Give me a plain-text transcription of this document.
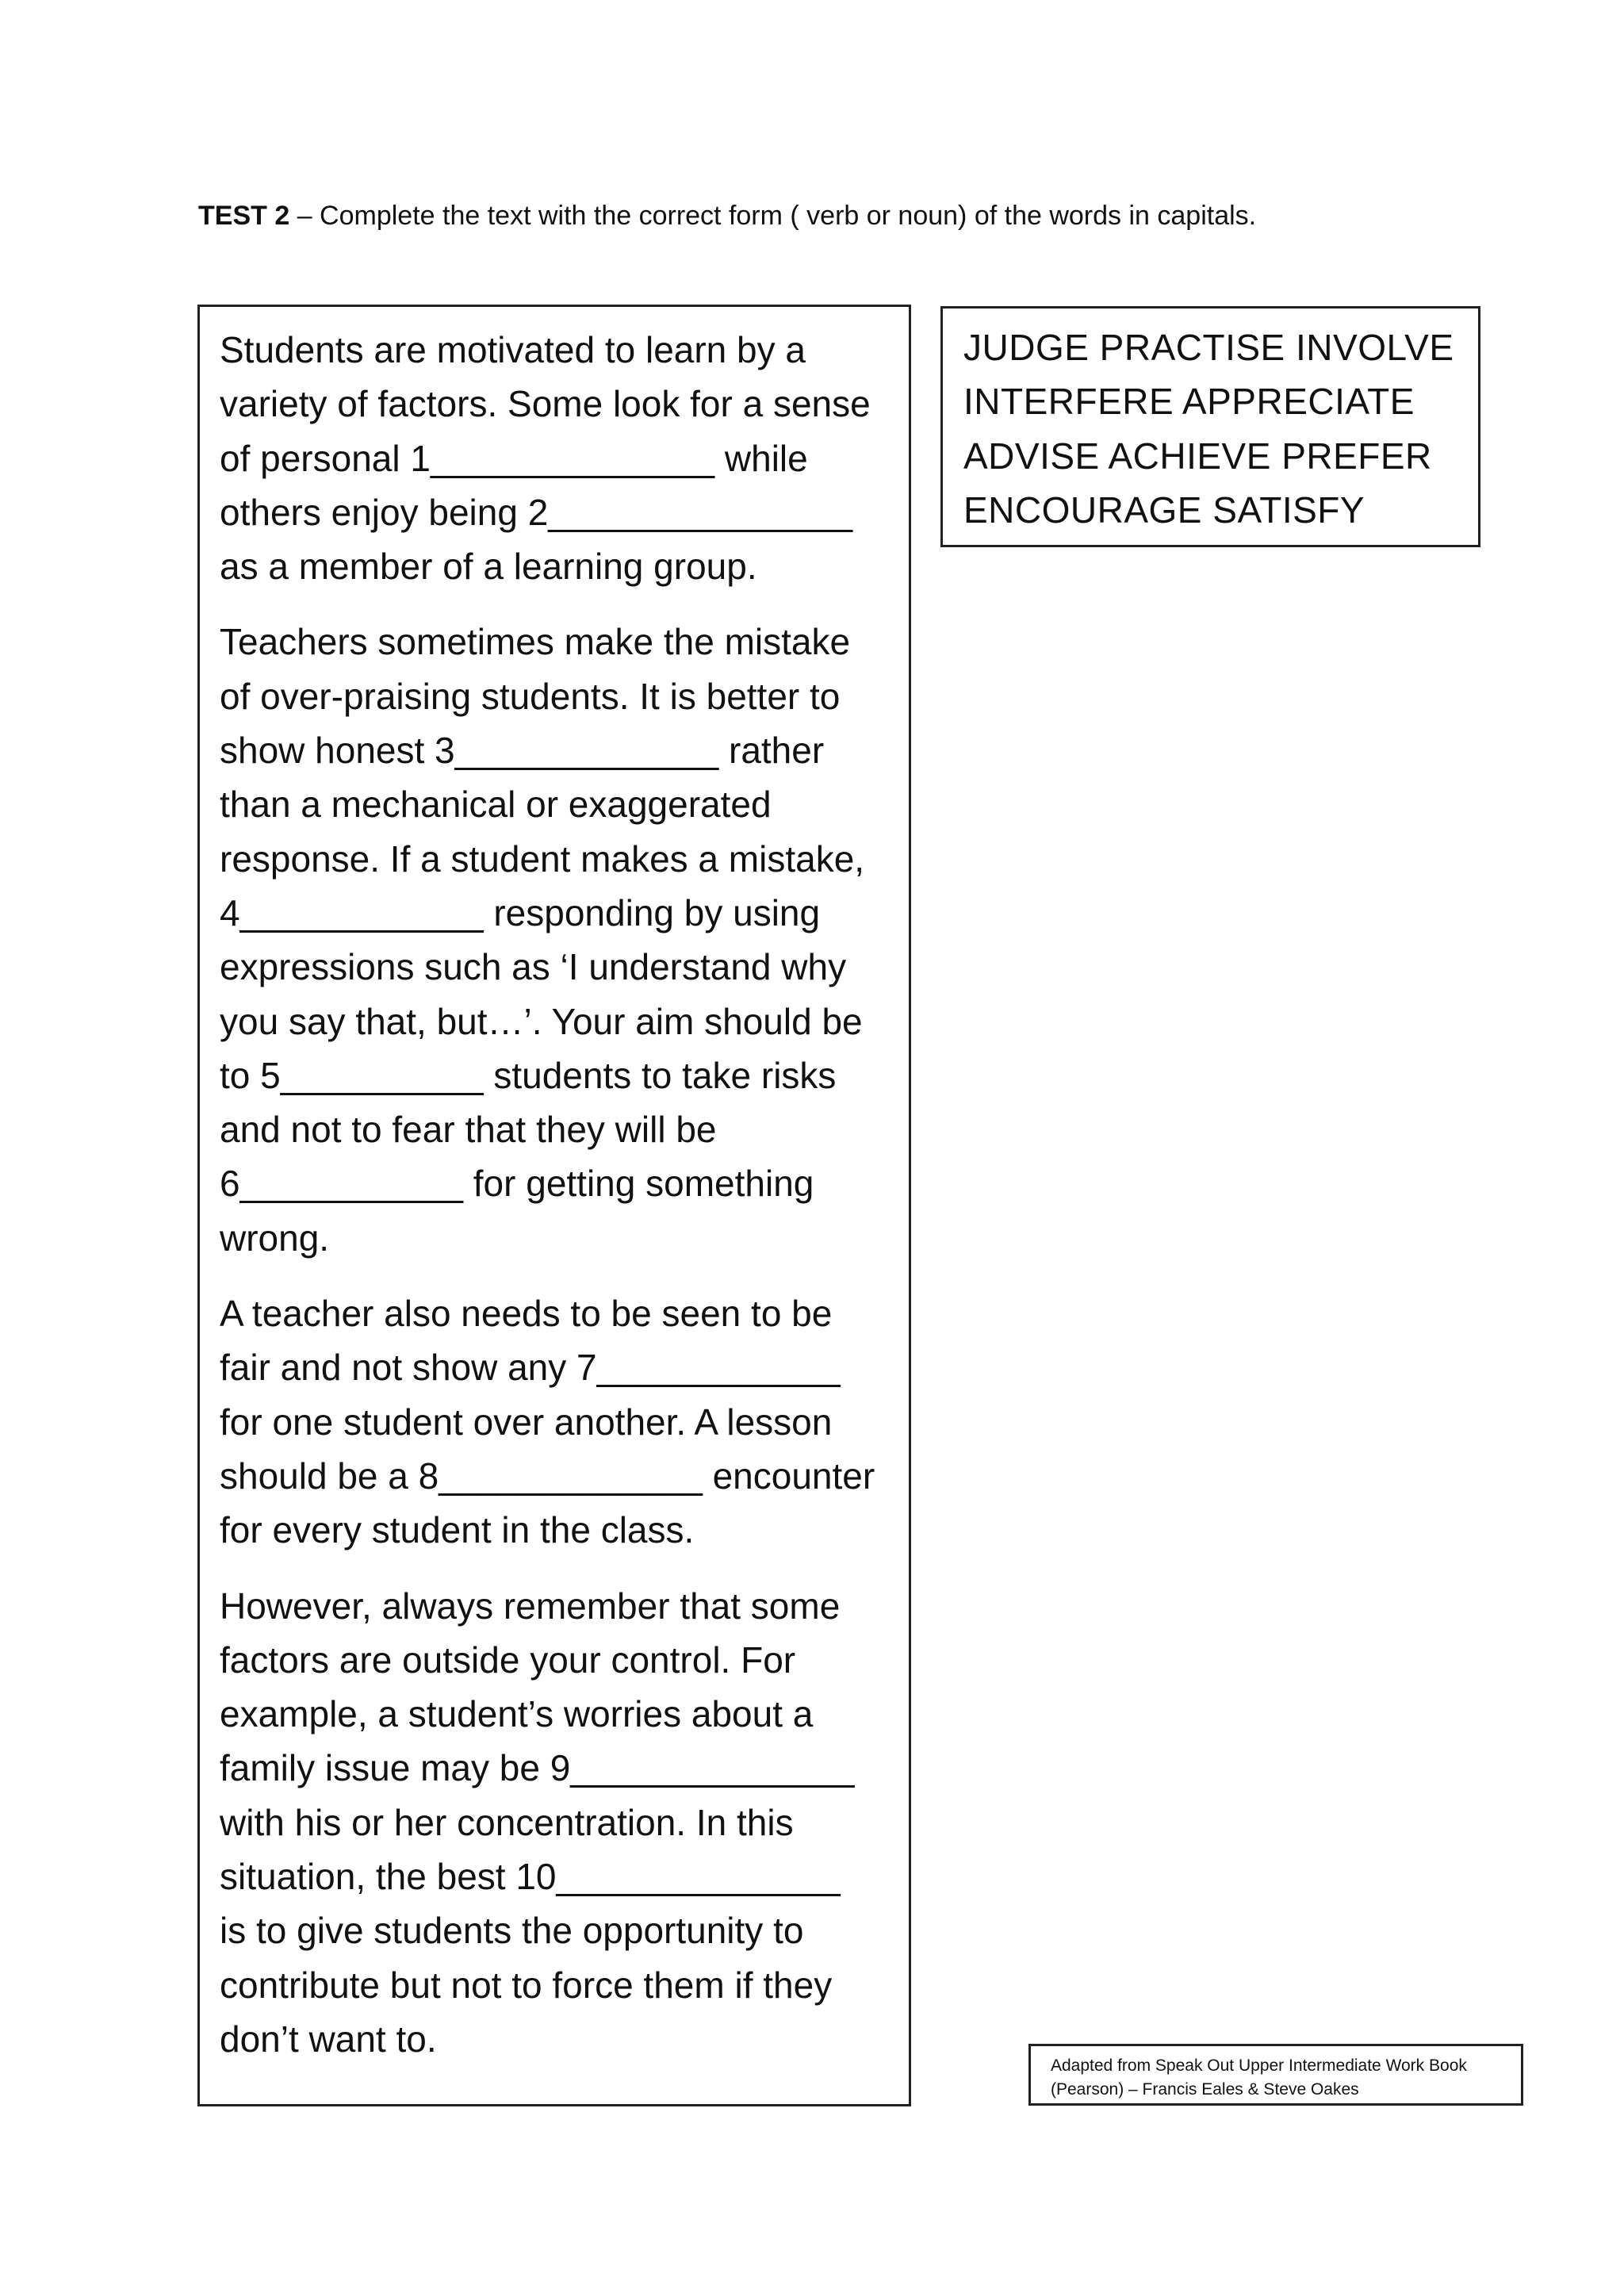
TEST 2 – Complete the text with the correct form ( verb or noun) of the words in capitals.
Students are motivated to learn by a
variety of factors. Some look for a sense
of personal 1______________ while
others enjoy being 2_______________
as a member of a learning group.
Teachers sometimes make the mistake
of over-praising students. It is better to
show honest 3_____________ rather
than a mechanical or exaggerated
response. If a student makes a mistake,
4____________ responding by using
expressions such as ‘I understand why
you say that, but…’. Your aim should be
to 5__________ students to take risks
and not to fear that they will be
6___________ for getting something
wrong.
A teacher also needs to be seen to be
fair and not show any 7____________
for one student over another. A lesson
should be a 8_____________ encounter
for every student in the class.
However, always remember that some
factors are outside your control. For
example, a student’s worries about a
family issue may be 9______________
with his or her concentration. In this
situation, the best 10______________
is to give students the opportunity to
contribute but not to force them if they
don’t want to.
JUDGE PRACTISE INVOLVE
INTERFERE APPRECIATE
ADVISE ACHIEVE PREFER
ENCOURAGE SATISFY
Adapted from Speak Out Upper Intermediate Work Book
(Pearson) – Francis Eales & Steve Oakes
